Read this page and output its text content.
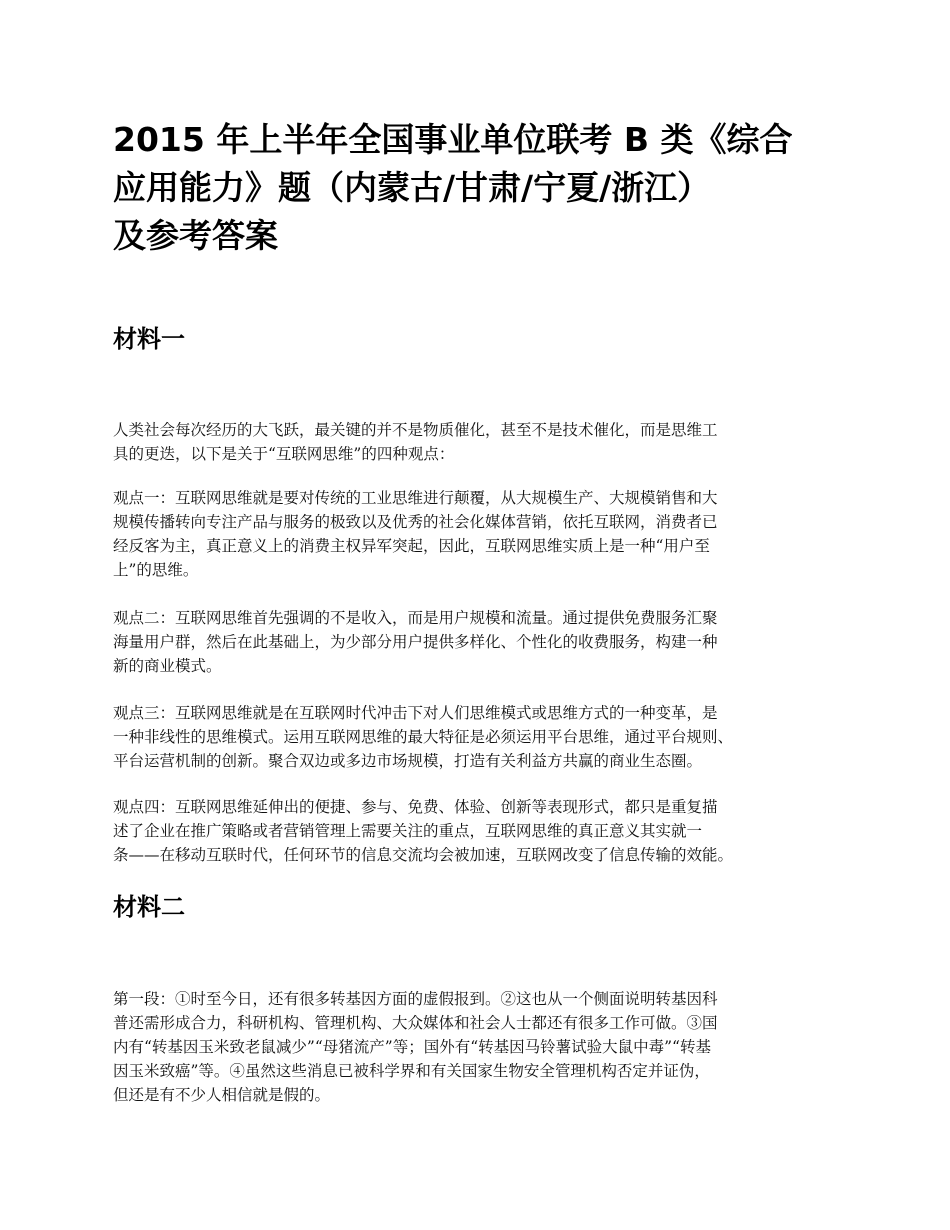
2015 年上半年全国事业单位联考 B 类《综合
应用能力》题（内蒙古/甘肃/宁夏/浙江）
及参考答案
材料一

人类社会每次经历的大飞跃，最关键的并不是物质催化，甚至不是技术催化，而是思维工
具的更迭，以下是关于“互联网思维”的四种观点：

观点一：互联网思维就是要对传统的工业思维进行颠覆，从大规模生产、大规模销售和大
规模传播转向专注产品与服务的极致以及优秀的社会化媒体营销，依托互联网，消费者已
经反客为主，真正意义上的消费主权异军突起，因此，互联网思维实质上是一种“用户至
上”的思维。

观点二：互联网思维首先强调的不是收入，而是用户规模和流量。通过提供免费服务汇聚
海量用户群，然后在此基础上，为少部分用户提供多样化、个性化的收费服务，构建一种
新的商业模式。

观点三：互联网思维就是在互联网时代冲击下对人们思维模式或思维方式的一种变革，是
一种非线性的思维模式。运用互联网思维的最大特征是必须运用平台思维，通过平台规则、
平台运营机制的创新。聚合双边或多边市场规模，打造有关利益方共赢的商业生态圈。

观点四：互联网思维延伸出的便捷、参与、免费、体验、创新等表现形式，都只是重复描
述了企业在推广策略或者营销管理上需要关注的重点，互联网思维的真正意义其实就一
条——在移动互联时代，任何环节的信息交流均会被加速，互联网改变了信息传输的效能。

材料二

第一段：①时至今日，还有很多转基因方面的虚假报到。②这也从一个侧面说明转基因科
普还需形成合力，科研机构、管理机构、大众媒体和社会人士都还有很多工作可做。③国
内有“转基因玉米致老鼠减少”“母猪流产”等；国外有“转基因马铃薯试验大鼠中毒”“转基
因玉米致癌”等。④虽然这些消息已被科学界和有关国家生物安全管理机构否定并证伪，
但还是有不少人相信就是假的。
